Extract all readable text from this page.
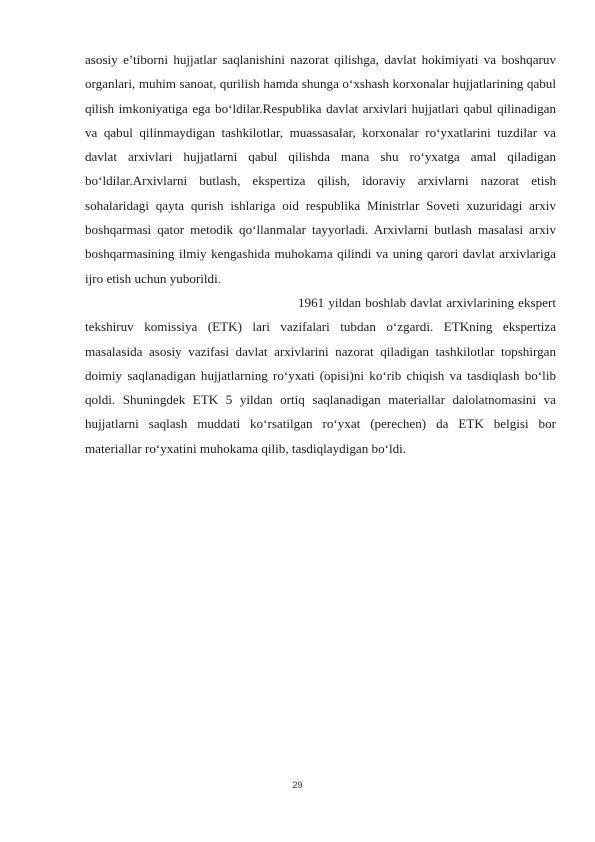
asosiy e’tiborni hujjatlar saqlanishini nazorat qilishga, davlat hokimiyati va boshqaruv organlari, muhim sanoat, qurilish hamda shunga o‘xshash korxonalar hujjatlarining qabul qilish imkoniyatiga ega bo‘ldilar.Respublika davlat arxivlari hujjatlari qabul qilinadigan va qabul qilinmaydigan tashkilotlar, muassasalar, korxonalar ro‘yxatlarini tuzdilar va davlat arxivlari hujjatlarni qabul qilishda mana shu ro‘yxatga amal qiladigan bo‘ldilar.Arxivlarni butlash, ekspertiza qilish, idoraviy arxivlarni nazorat etish sohalaridagi qayta qurish ishlariga oid respublika Ministrlar Soveti xuzuridagi arxiv boshqarmasi qator metodik qo‘llanmalar tayyorladi. Arxivlarni butlash masalasi arxiv boshqarmasining ilmiy kengashida muhokama qilindi va uning qarori davlat arxivlariga ijro etish uchun yuborildi.

1961 yildan boshlab davlat arxivlarining ekspert tekshiruv komissiya (ETK) lari vazifalari tubdan o‘zgardi. ETKning ekspertiza masalasida asosiy vazifasi davlat arxivlarini nazorat qiladigan tashkilotlar topshirgan doimiy saqlanadigan hujjatlarning ro‘yxati (opisi)ni ko‘rib chiqish va tasdiqlash bo‘lib qoldi. Shuningdek ETK 5 yildan ortiq saqlanadigan materiallar dalolatnomasini va hujjatlarni saqlash muddati ko‘rsatilgan ro‘yxat (perechen) da ETK belgisi bor materiallar ro‘yxatini muhokama qilib, tasdiqlaydigan bo‘ldi.

29
